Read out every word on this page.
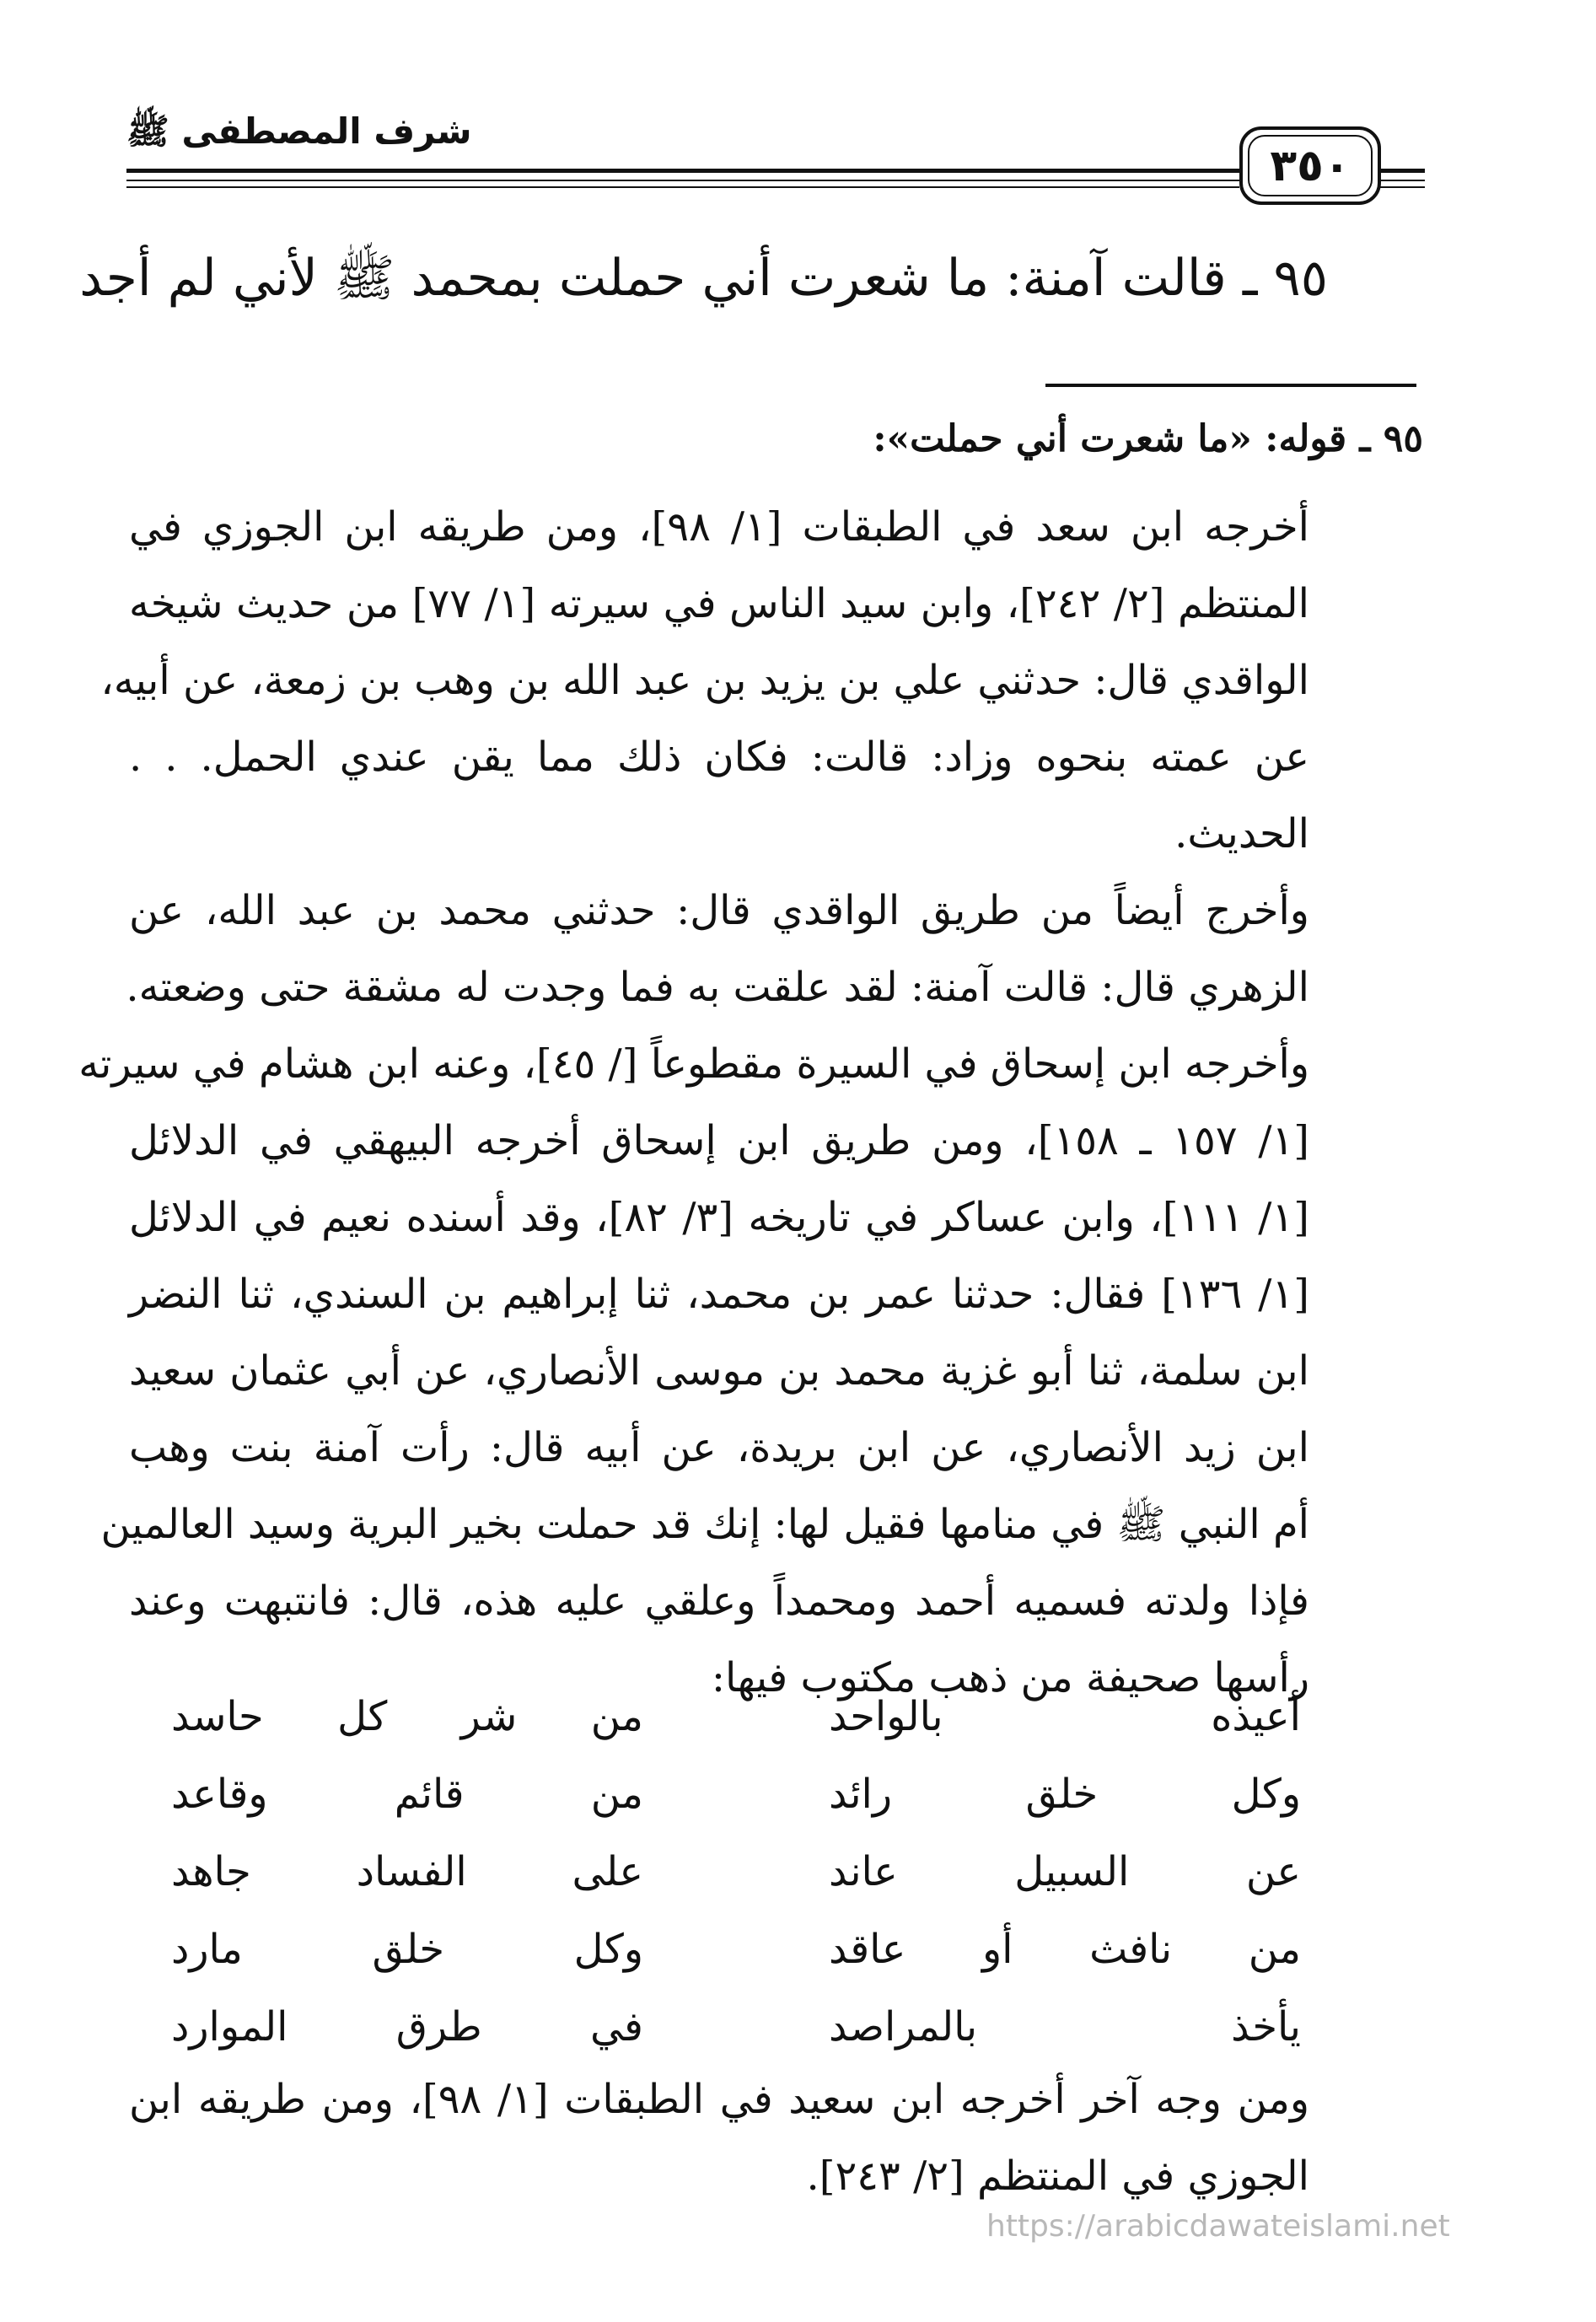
شرف المصطفى ﷺ
٣٥٠
٩٥ ـ قالت آمنة: ما شعرت أني حملت بمحمد ﷺ لأني لم أجد
٩٥ ـ قوله: «ما شعرت أني حملت»:
أخرجه ابن سعد في الطبقات [١/ ٩٨]، ومن طريقه ابن الجوزي في
المنتظم [٢/ ٢٤٢]، وابن سيد الناس في سيرته [١/ ٧٧] من حديث شيخه
الواقدي قال: حدثني علي بن يزيد بن عبد الله بن وهب بن زمعة، عن أبيه،
عن عمته بنحوه وزاد: قالت: فكان ذلك مما يقن عندي الحمل. . .
الحديث.
وأخرج أيضاً من طريق الواقدي قال: حدثني محمد بن عبد الله، عن
الزهري قال: قالت آمنة: لقد علقت به فما وجدت له مشقة حتى وضعته.
وأخرجه ابن إسحاق في السيرة مقطوعاً [/ ٤٥]، وعنه ابن هشام في سيرته
[١/ ١٥٧ ـ ١٥٨]، ومن طريق ابن إسحاق أخرجه البيهقي في الدلائل
[١/ ١١١]، وابن عساكر في تاريخه [٣/ ٨٢]، وقد أسنده نعيم في الدلائل
[١/ ١٣٦] فقال: حدثنا عمر بن محمد، ثنا إبراهيم بن السندي، ثنا النضر
ابن سلمة، ثنا أبو غزية محمد بن موسى الأنصاري، عن أبي عثمان سعيد
ابن زيد الأنصاري، عن ابن بريدة، عن أبيه قال: رأت آمنة بنت وهب
أم النبي ﷺ في منامها فقيل لها: إنك قد حملت بخير البرية وسيد العالمين
فإذا ولدته فسميه أحمد ومحمداً وعلقي عليه هذه، قال: فانتبهت وعند
رأسها صحيفة من ذهب مكتوب فيها:
أعيذه بالواحد
من شر كل حاسد
وكل خلق رائد
من قائم وقاعد
عن السبيل عاند
على الفساد جاهد
من نافث أو عاقد
وكل خلق مارد
يأخذ بالمراصد
في طرق الموارد
ومن وجه آخر أخرجه ابن سعيد في الطبقات [١/ ٩٨]، ومن طريقه ابن
الجوزي في المنتظم [٢/ ٢٤٣].
https://arabicdawateislami.net
